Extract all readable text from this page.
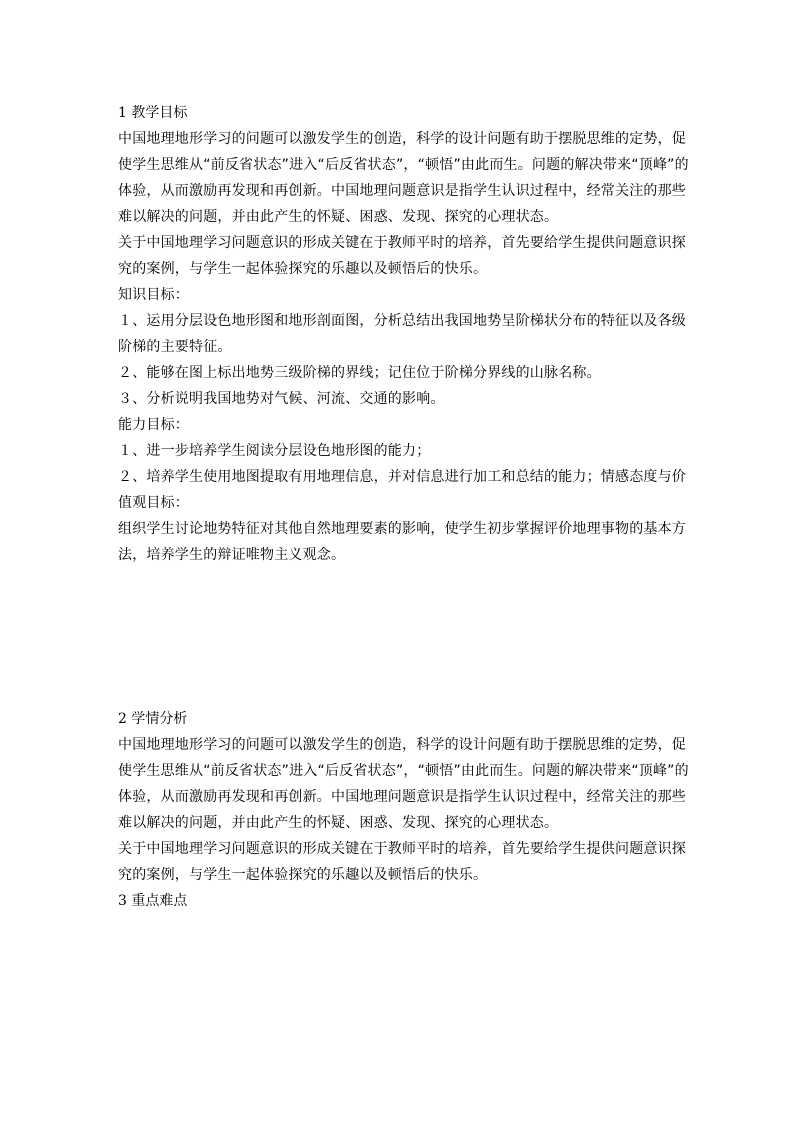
1 教学目标
中国地理地形学习的问题可以激发学生的创造，科学的设计问题有助于摆脱思维的定势，促
使学生思维从“前反省状态”进入“后反省状态”，“顿悟”由此而生。问题的解决带来“顶峰”的
体验，从而激励再发现和再创新。中国地理问题意识是指学生认识过程中，经常关注的那些
难以解决的问题，并由此产生的怀疑、困惑、发现、探究的心理状态。
关于中国地理学习问题意识的形成关键在于教师平时的培养，首先要给学生提供问题意识探
究的案例，与学生一起体验探究的乐趣以及顿悟后的快乐。
知识目标：
１、运用分层设色地形图和地形剖面图，分析总结出我国地势呈阶梯状分布的特征以及各级
阶梯的主要特征。
２、能够在图上标出地势三级阶梯的界线；记住位于阶梯分界线的山脉名称。
３、分析说明我国地势对气候、河流、交通的影响。
能力目标：
１、进一步培养学生阅读分层设色地形图的能力；
２、培养学生使用地图提取有用地理信息，并对信息进行加工和总结的能力；情感态度与价
值观目标：
组织学生讨论地势特征对其他自然地理要素的影响，使学生初步掌握评价地理事物的基本方
法，培养学生的辩证唯物主义观念。
2 学情分析
中国地理地形学习的问题可以激发学生的创造，科学的设计问题有助于摆脱思维的定势，促
使学生思维从“前反省状态”进入“后反省状态”，“顿悟”由此而生。问题的解决带来“顶峰”的
体验，从而激励再发现和再创新。中国地理问题意识是指学生认识过程中，经常关注的那些
难以解决的问题，并由此产生的怀疑、困惑、发现、探究的心理状态。
关于中国地理学习问题意识的形成关键在于教师平时的培养，首先要给学生提供问题意识探
究的案例，与学生一起体验探究的乐趣以及顿悟后的快乐。
3 重点难点
